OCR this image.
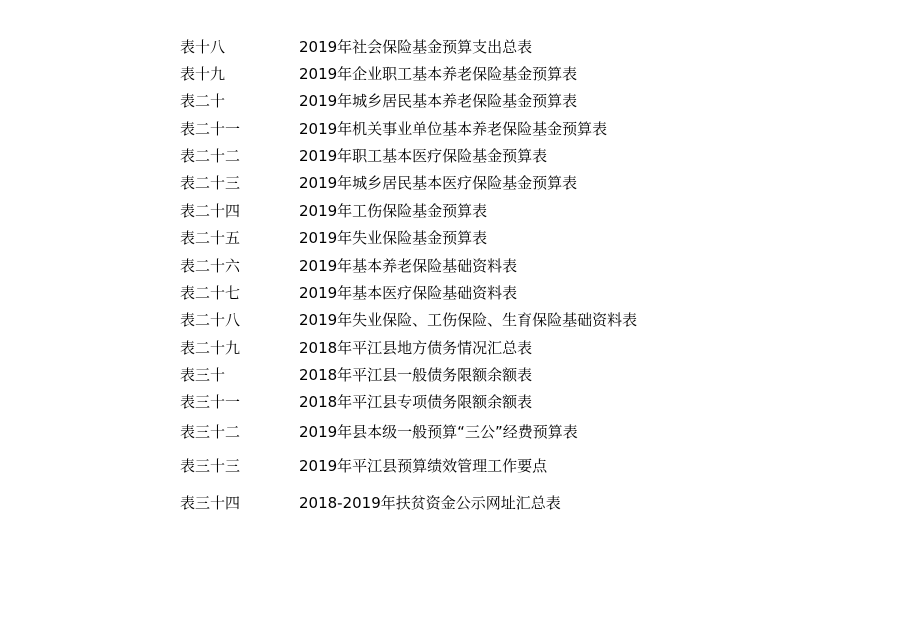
表十八	2019年社会保险基金预算支出总表
表十九	2019年企业职工基本养老保险基金预算表
表二十	2019年城乡居民基本养老保险基金预算表
表二十一	2019年机关事业单位基本养老保险基金预算表
表二十二	2019年职工基本医疗保险基金预算表
表二十三	2019年城乡居民基本医疗保险基金预算表
表二十四	2019年工伤保险基金预算表
表二十五	2019年失业保险基金预算表
表二十六	2019年基本养老保险基础资料表
表二十七	2019年基本医疗保险基础资料表
表二十八	2019年失业保险、工伤保险、生育保险基础资料表
表二十九	2018年平江县地方债务情况汇总表
表三十	2018年平江县一般债务限额余额表
表三十一	2018年平江县专项债务限额余额表
表三十二	2019年县本级一般预算“三公”经费预算表
表三十三	2019年平江县预算绩效管理工作要点
表三十四	2018-2019年扶贫资金公示网址汇总表
